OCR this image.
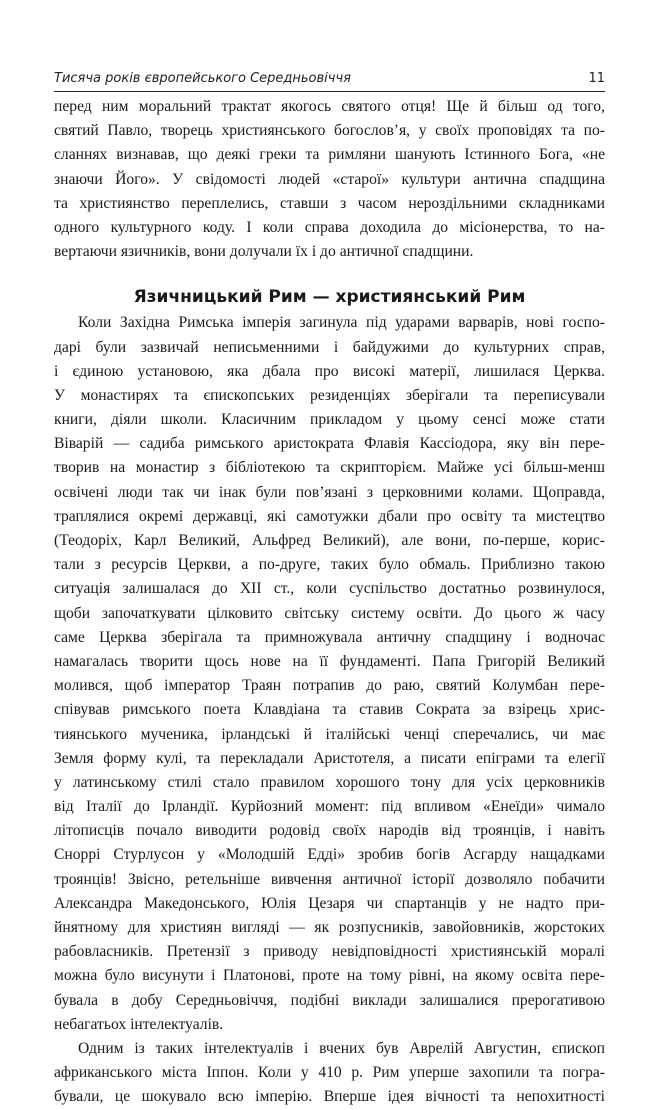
Тисяча років європейського Середньовіччя	11
перед ним моральний трактат якогось святого отця! Ще й більш од того,
святий Павло, творець християнського богослов’я, у своїх проповідях та по-
сланнях визнавав, що деякі греки та римляни шанують Істинного Бога, «не
знаючи Його». У свідомості людей «старої» культури антична спадщина
та християнство переплелись, ставши з часом нероздільними складниками
одного культурного коду. І коли справа доходила до місіонерства, то на-
вертаючи язичників, вони долучали їх і до античної спадщини.
Язичницький Рим — християнський Рим
Коли Західна Римська імперія загинула під ударами варварів, нові госпо-
дарі були зазвичай неписьменними і байдужими до культурних справ,
і єдиною установою, яка дбала про високі матерії, лишилася Церква.
У монастирях та єпископських резиденціях зберігали та переписували
книги, діяли школи. Класичним прикладом у цьому сенсі може стати
Віварій — садиба римського аристократа Флавія Кассіодора, яку він пере-
творив на монастир з бібліотекою та скрипторієм. Майже усі більш-менш
освічені люди так чи інак були пов’язані з церковними колами. Щоправда,
траплялися окремі державці, які самотужки дбали про освіту та мистецтво
(Теодоріх, Карл Великий, Альфред Великий), але вони, по-перше, корис-
тали з ресурсів Церкви, а по-друге, таких було обмаль. Приблизно такою
ситуація залишалася до XII ст., коли суспільство достатньо розвинулося,
щоби започаткувати цілковито світську систему освіти. До цього ж часу
саме Церква зберігала та примножувала античну спадщину і водночас
намагалась творити щось нове на її фундаменті. Папа Григорій Великий
молився, щоб імператор Траян потрапив до раю, святий Колумбан пере-
співував римського поета Клавдіана та ставив Сократа за взірець хрис-
тиянського мученика, ірландські й італійські ченці сперечались, чи має
Земля форму кулі, та перекладали Аристотеля, а писати епіграми та елегії
у латинському стилі стало правилом хорошого тону для усіх церковників
від Італії до Ірландії. Курйозний момент: під впливом «Енеїди» чимало
літописців почало виводити родовід своїх народів від троянців, і навіть
Сноррі Стурлусон у «Молодшій Едді» зробив богів Асгарду нащадками
троянців! Звісно, ретельніше вивчення античної історії дозволяло побачити
Александра Македонського, Юлія Цезаря чи спартанців у не надто при-
йнятному для християн вигляді — як розпусників, завойовників, жорстоких
рабовласників. Претензії з приводу невідповідності християнській моралі
можна було висунути і Платонові, проте на тому рівні, на якому освіта пере-
бувала в добу Середньовіччя, подібні виклади залишалися прерогативою
небагатьох інтелектуалів.
Одним із таких інтелектуалів і вчених був Аврелій Августин, єпископ
африканського міста Іппон. Коли у 410 р. Рим уперше захопили та погра-
бували, це шокувало всю імперію. Вперше ідея вічності та непохитності
